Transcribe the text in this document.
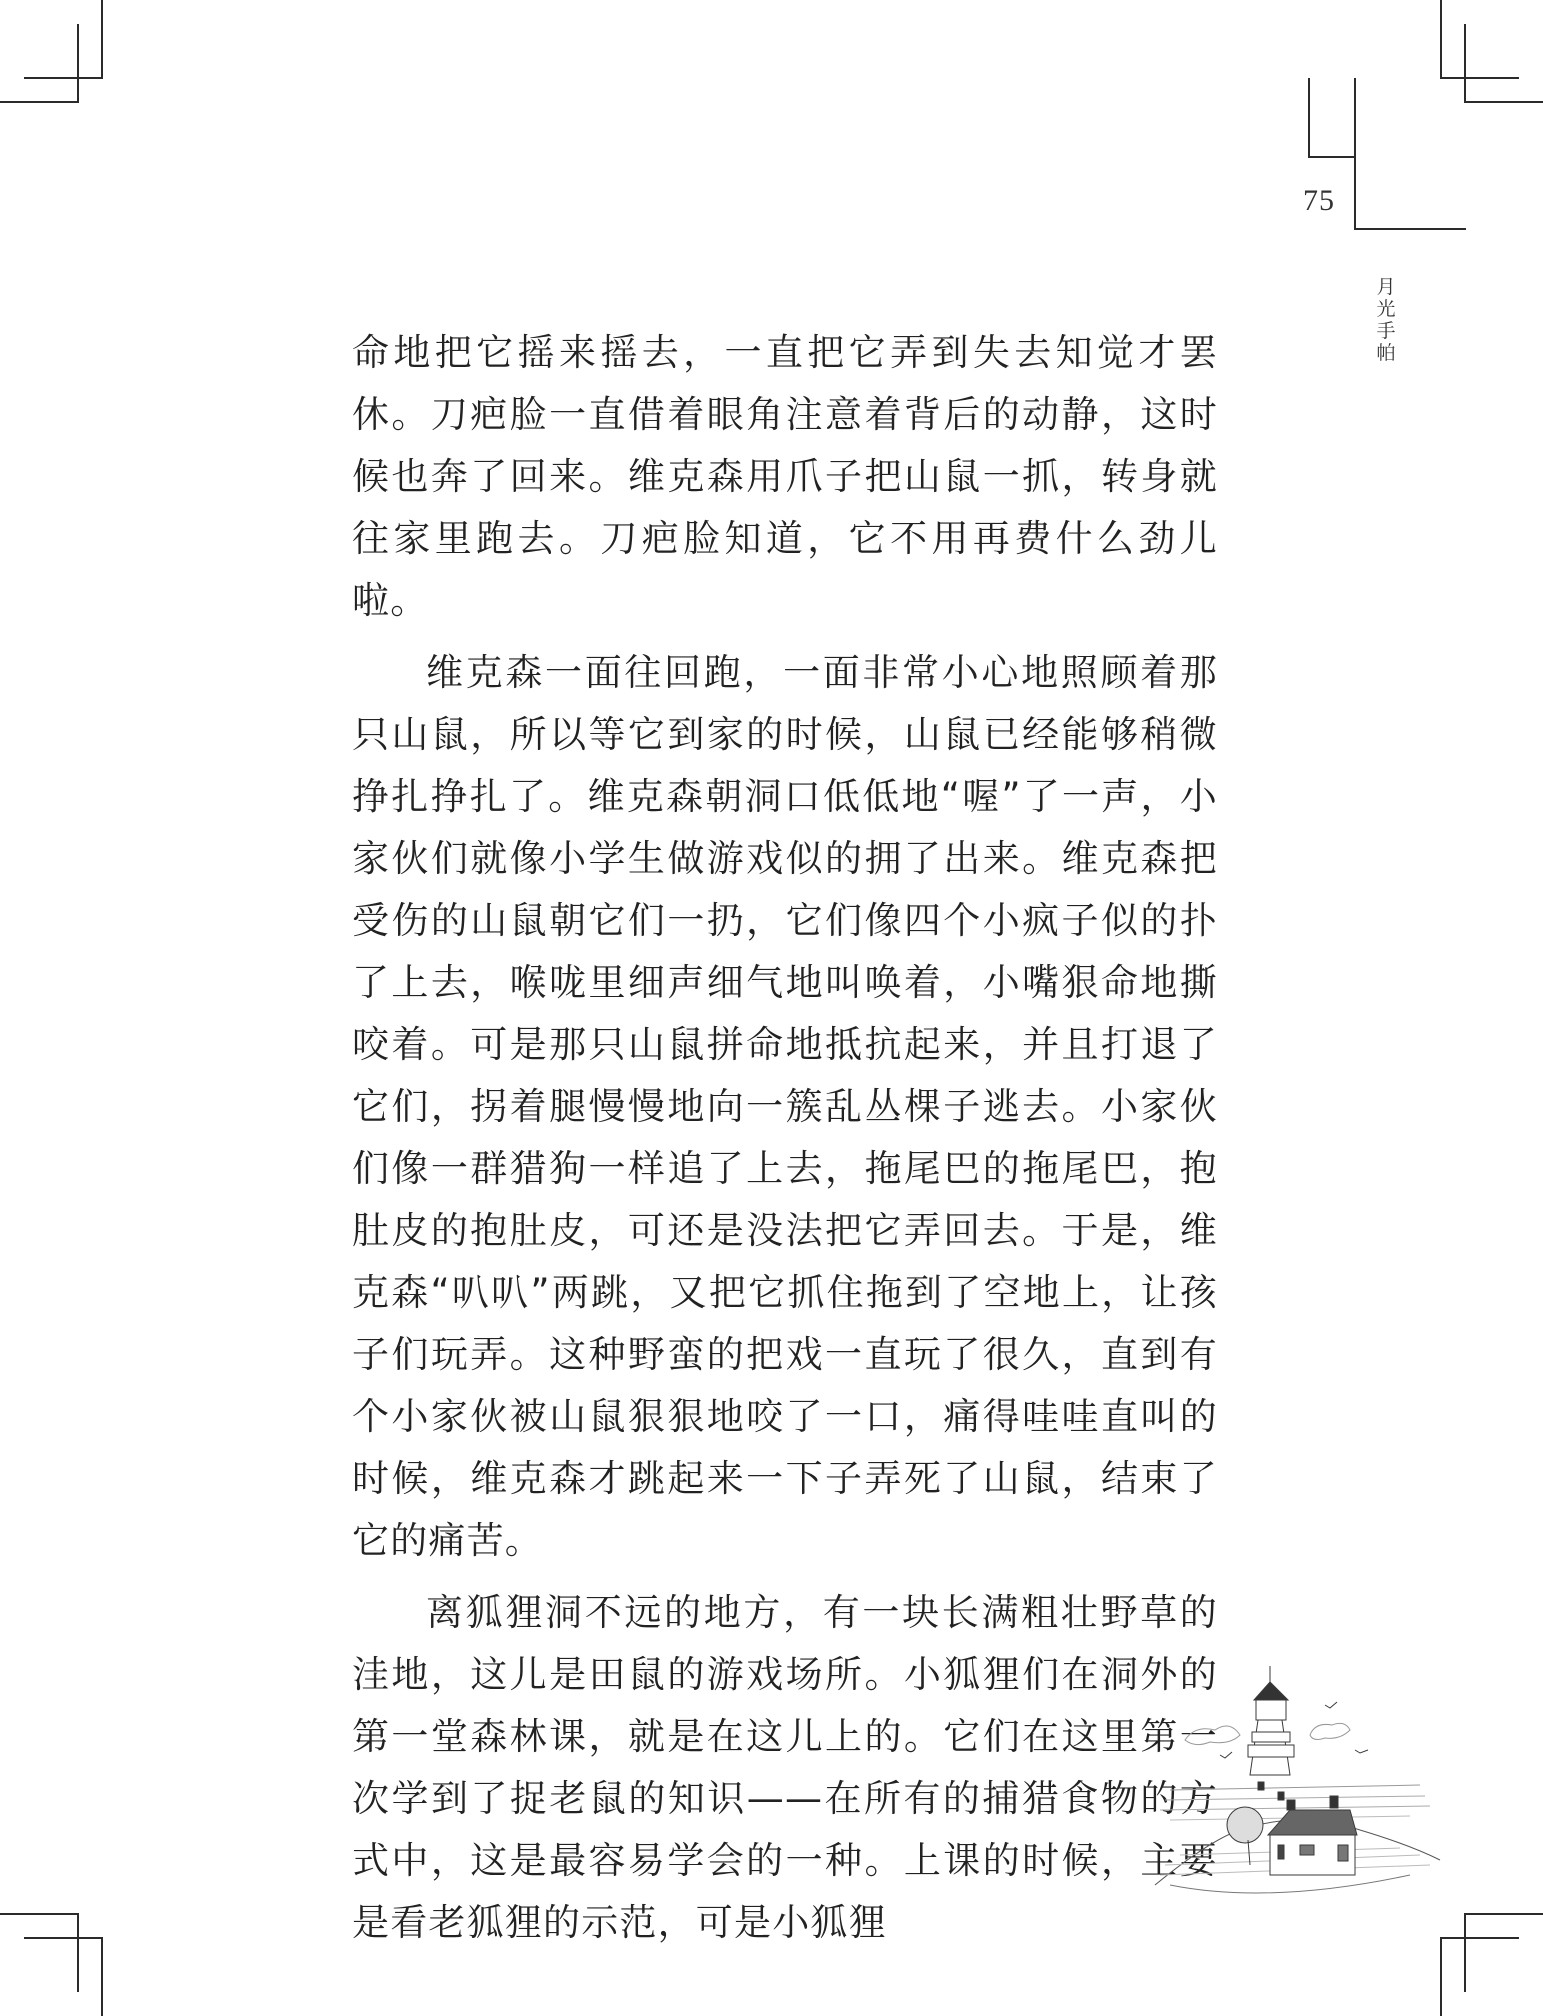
75
月光手帕

命地把它摇来摇去，一直把它弄到失去知觉才罢休。刀疤脸一直借着眼角注意着背后的动静，这时候也奔了回来。维克森用爪子把山鼠一抓，转身就往家里跑去。刀疤脸知道，它不用再费什么劲儿啦。

维克森一面往回跑，一面非常小心地照顾着那只山鼠，所以等它到家的时候，山鼠已经能够稍微挣扎挣扎了。维克森朝洞口低低地“喔”了一声，小家伙们就像小学生做游戏似的拥了出来。维克森把受伤的山鼠朝它们一扔，它们像四个小疯子似的扑了上去，喉咙里细声细气地叫唤着，小嘴狠命地撕咬着。可是那只山鼠拼命地抵抗起来，并且打退了它们，拐着腿慢慢地向一簇乱丛棵子逃去。小家伙们像一群猎狗一样追了上去，拖尾巴的拖尾巴，抱肚皮的抱肚皮，可还是没法把它弄回去。于是，维克森“叭叭”两跳，又把它抓住拖到了空地上，让孩子们玩弄。这种野蛮的把戏一直玩了很久，直到有个小家伙被山鼠狠狠地咬了一口，痛得哇哇直叫的时候，维克森才跳起来一下子弄死了山鼠，结束了它的痛苦。

离狐狸洞不远的地方，有一块长满粗壮野草的洼地，这儿是田鼠的游戏场所。小狐狸们在洞外的第一堂森林课，就是在这儿上的。它们在这里第一次学到了捉老鼠的知识——在所有的捕猎食物的方式中，这是最容易学会的一种。上课的时候，主要是看老狐狸的示范，可是小狐狸
